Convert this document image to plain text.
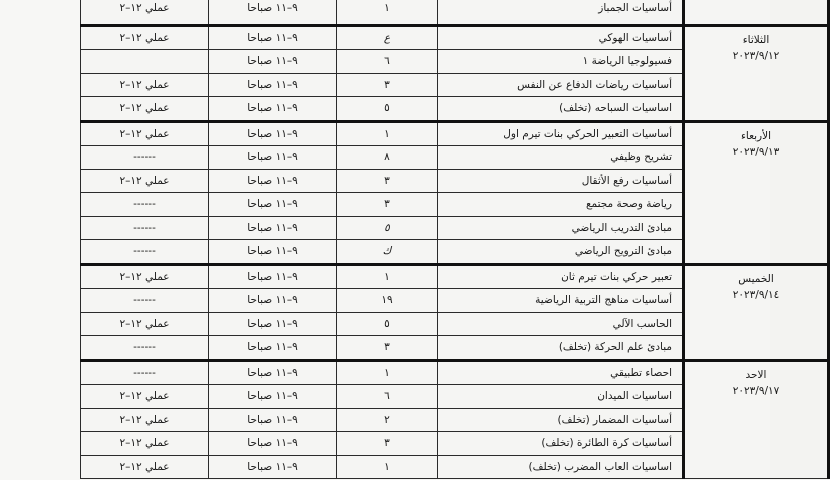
	أساسيات الجمباز	١	٩–١١ صباحا	عملي ١٢–٢

الثلاثاء
٢٠٢٣/٩/١٢	أساسيات الهوكي	ع	٩–١١ صباحا	عملي ١٢–٢
	فسيولوجيا الرياضة ١	٦	٩–١١ صباحا	
	أساسيات رياضات الدفاع عن النفس	٣	٩–١١ صباحا	عملي ١٢–٢
	اساسيات السباحه (تخلف)	٥	٩–١١ صباحا	عملي ١٢–٢

الأربعاء
٢٠٢٣/٩/١٣	أساسيات التعبير الحركي بنات تيرم اول	١	٩–١١ صباحا	عملي ١٢–٢
	تشريح وظيفي	٨	٩–١١ صباحا	------
	أساسيات رفع الأثقال	٣	٩–١١ صباحا	عملي ١٢–٢
	رياضة وصحة مجتمع	٣	٩–١١ صباحا	------
	مبادئ التدريب الرياضي	٥	٩–١١ صباحا	------
	مبادئ الترويح الرياضي	ك	٩–١١ صباحا	------

الخميس
٢٠٢٣/٩/١٤	تعبير حركي بنات تيرم ثان	١	٩–١١ صباحا	عملي ١٢–٢
	أساسيات مناهج التربية الرياضية	١٩	٩–١١ صباحا	------
	الحاسب الآلي	٥	٩–١١ صباحا	عملي ١٢–٢
	مبادئ علم الحركة (تخلف)	٣	٩–١١ صباحا	------

الاحد
٢٠٢٣/٩/١٧	احصاء تطبيقي	١	٩–١١ صباحا	------
	اساسيات الميدان	٦	٩–١١ صباحا	عملي ١٢–٢
	أساسيات المضمار (تخلف)	٢	٩–١١ صباحا	عملي ١٢–٢
	أساسيات كرة الطائرة (تخلف)	٣	٩–١١ صباحا	عملي ١٢–٢
	اساسيات العاب المضرب (تخلف)	١	٩–١١ صباحا	عملي ١٢–٢
